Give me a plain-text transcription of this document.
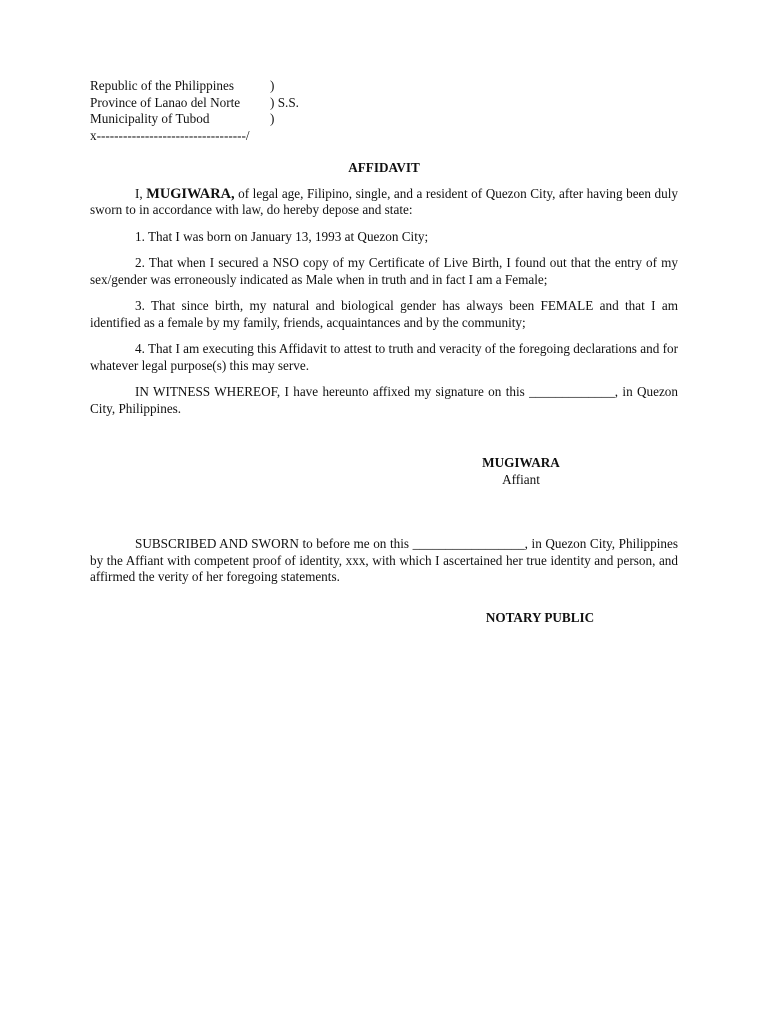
Republic of the Philippines	)
Province of Lanao del Norte ) S.S.
Municipality of Tubod	)
x----------------------------------/
AFFIDAVIT

I, MUGIWARA, of legal age, Filipino, single, and a resident of Quezon City, after having been duly sworn to in accordance with law, do hereby depose and state:

1. That I was born on January 13, 1993 at Quezon City;

2. That when I secured a NSO copy of my Certificate of Live Birth, I found out that the entry of my sex/gender was erroneously indicated as Male when in truth and in fact I am a Female;

3. That since birth, my natural and biological gender has always been FEMALE and that I am identified as a female by my family, friends, acquaintances and by the community;

4. That I am executing this Affidavit to attest to truth and veracity of the foregoing declarations and for whatever legal purpose(s) this may serve.

IN WITNESS WHEREOF, I have hereunto affixed my signature on this _____________, in Quezon City, Philippines.

MUGIWARA
Affiant

SUBSCRIBED AND SWORN to before me on this _________________, in Quezon City, Philippines by the Affiant with competent proof of identity, xxx, with which I ascertained her true identity and person, and affirmed the verity of her foregoing statements.

NOTARY PUBLIC
